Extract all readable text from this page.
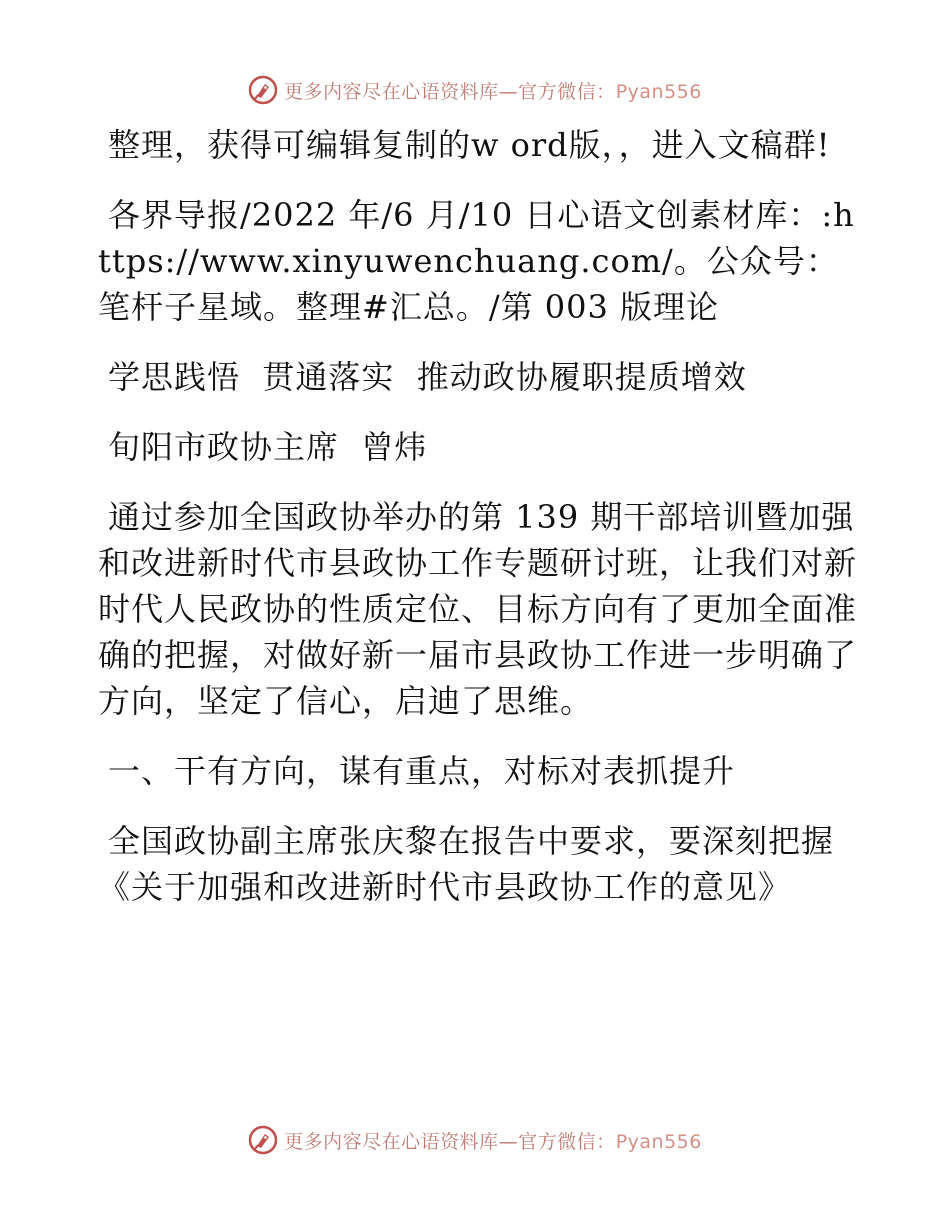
更多内容尽在心语资料库—官方微信：Pyan556

整理，获得可编辑复制的w ord版，，进入文稿群!

各界导报/2022 年/6 月/10 日心语文创素材库：:https://www.xinyuwenchuang.com/。公众号：笔杆子星域。整理#汇总。/第 003 版理论

学思践悟  贯通落实  推动政协履职提质增效

旬阳市政协主席  曾炜

通过参加全国政协举办的第 139 期干部培训暨加强和改进新时代市县政协工作专题研讨班，让我们对新时代人民政协的性质定位、目标方向有了更加全面准确的把握，对做好新一届市县政协工作进一步明确了方向，坚定了信心，启迪了思维。

一、干有方向，谋有重点，对标对表抓提升

全国政协副主席张庆黎在报告中要求，要深刻把握《关于加强和改进新时代市县政协工作的意见》

更多内容尽在心语资料库—官方微信：Pyan556
